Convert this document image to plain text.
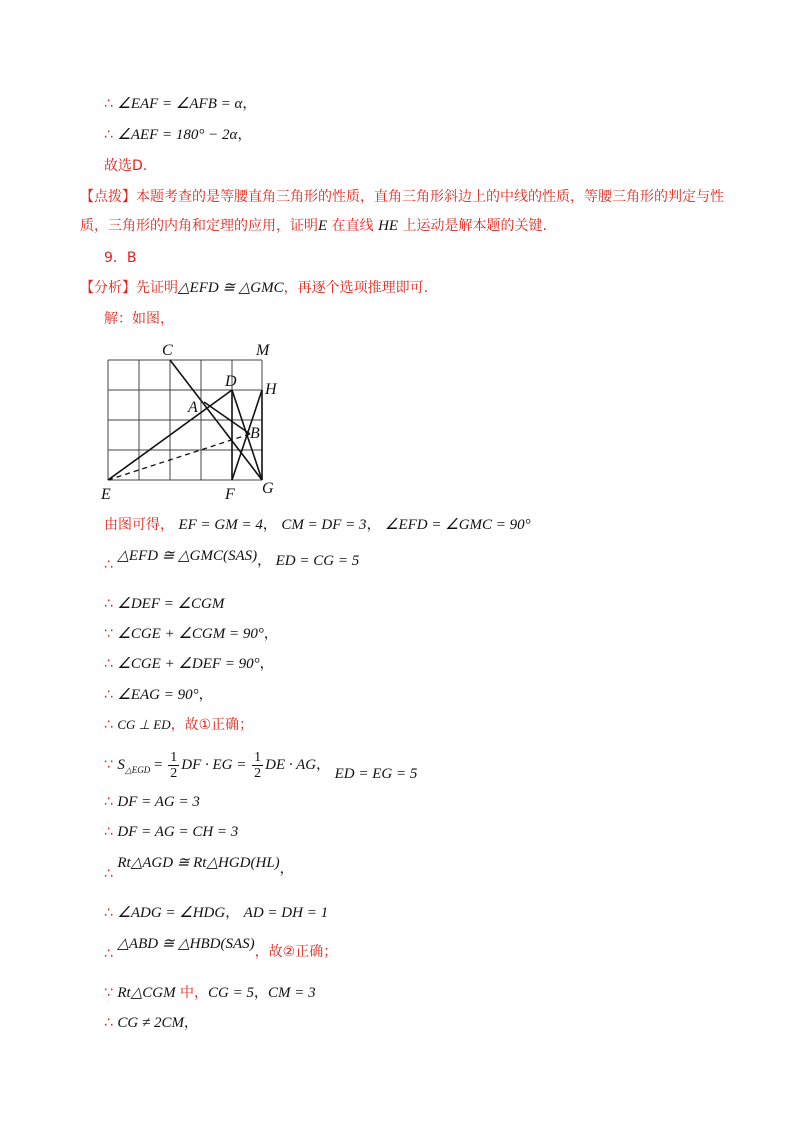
∴ ∠EAF = ∠AFB = α，
∴ ∠AEF = 180° − 2α，
故选D.
【点拨】本题考查的是等腰直角三角形的性质，直角三角形斜边上的中线的性质，等腰三角形的判定与性质，三角形的内角和定理的应用，证明E 在直线 HE 上运动是解本题的关键.
9．B
【分析】先证明△EFD ≅ △GMC，再逐个选项推理即可.
解：如图，
C	M
D H
A
B
E	F G
由图可得， EF = GM = 4， CM = DF = 3， ∠EFD = ∠GMC = 90°
∴ △EFD ≅ △GMC(SAS)， ED = CG = 5
∴ ∠DEF = ∠CGM
∵ ∠CGE + ∠CGM = 90°，
∴ ∠CGE + ∠DEF = 90°，
∴ ∠EAG = 90°，
∴ CG ⊥ ED，故①正确；
∵ $S_{\triangle EGD} = \frac{1}{2}$ DF · EG = $\frac{1}{2}$ DE · AG， ED = EG = 5
∴ DF = AG = 3
∴ DF = AG = CH = 3
∴ Rt△AGD ≅ Rt△HGD(HL)，
∴ ∠ADG = ∠HDG， AD = DH = 1
∴ △ABD ≅ △HBD(SAS)，故②正确；
∵ Rt△CGM 中，CG = 5，CM = 3
∴ CG ≠ 2CM，
